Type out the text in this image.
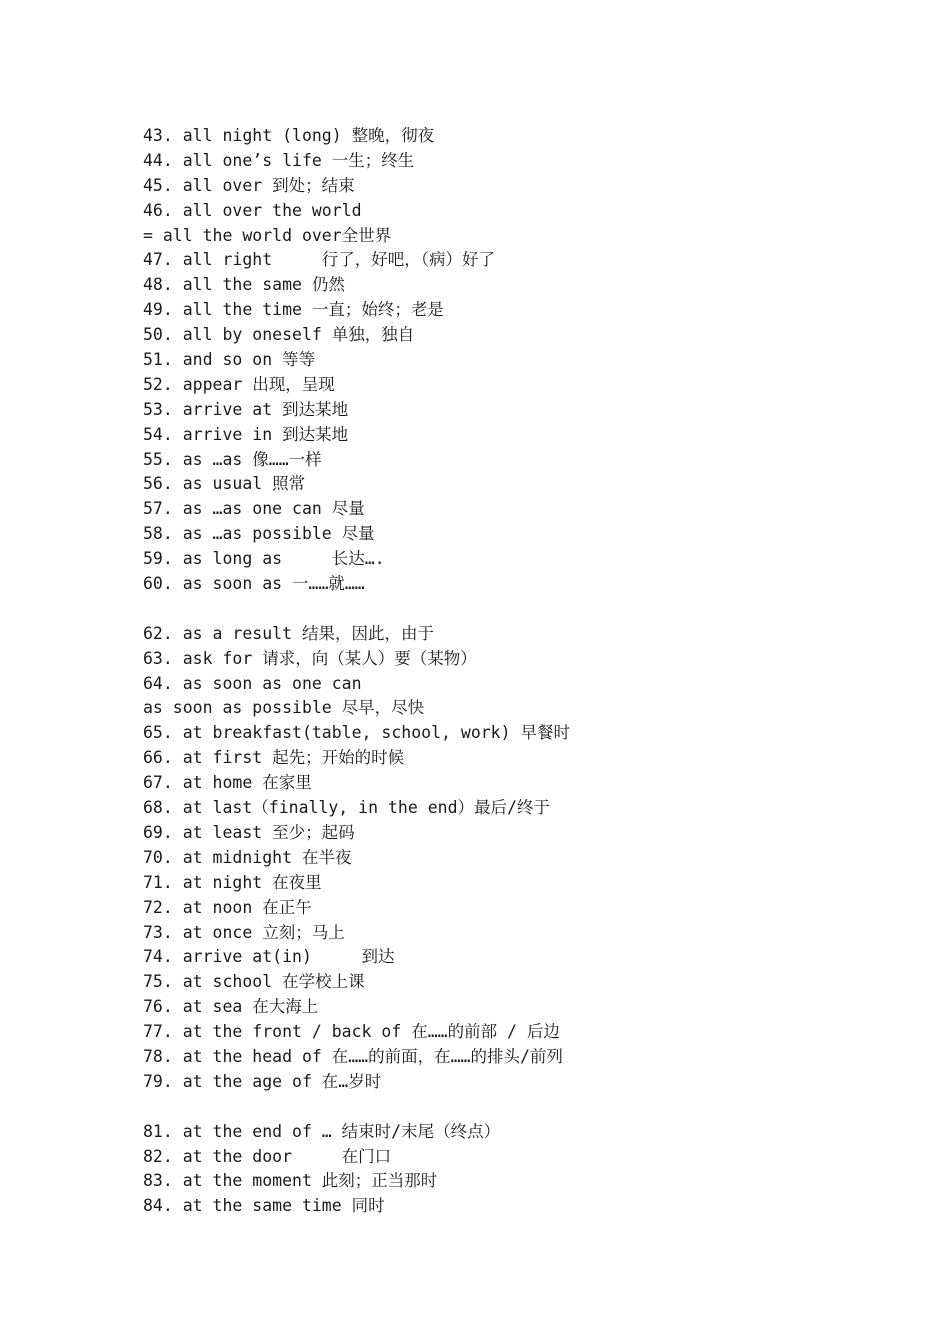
43. all night (long) 整晚，彻夜
44. all one’s life 一生；终生
45. all over 到处；结束
46. all over the world
= all the world over全世界
47. all right     行了，好吧，（病）好了
48. all the same 仍然
49. all the time 一直；始终；老是
50. all by oneself 单独，独自
51. and so on 等等
52. appear 出现，呈现
53. arrive at 到达某地
54. arrive in 到达某地
55. as …as 像……一样
56. as usual 照常
57. as …as one can 尽量
58. as …as possible 尽量
59. as long as     长达….
60. as soon as 一……就……

62. as a result 结果，因此，由于
63. ask for 请求，向（某人）要（某物）
64. as soon as one can
as soon as possible 尽早，尽快
65. at breakfast(table, school, work) 早餐时
66. at first 起先；开始的时候
67. at home 在家里
68. at last（finally, in the end）最后/终于
69. at least 至少；起码
70. at midnight 在半夜
71. at night 在夜里
72. at noon 在正午
73. at once 立刻；马上
74. arrive at(in)     到达
75. at school 在学校上课
76. at sea 在大海上
77. at the front / back of 在……的前部 / 后边
78. at the head of 在……的前面，在……的排头/前列
79. at the age of 在…岁时

81. at the end of … 结束时/末尾（终点）
82. at the door     在门口
83. at the moment 此刻；正当那时
84. at the same time 同时
